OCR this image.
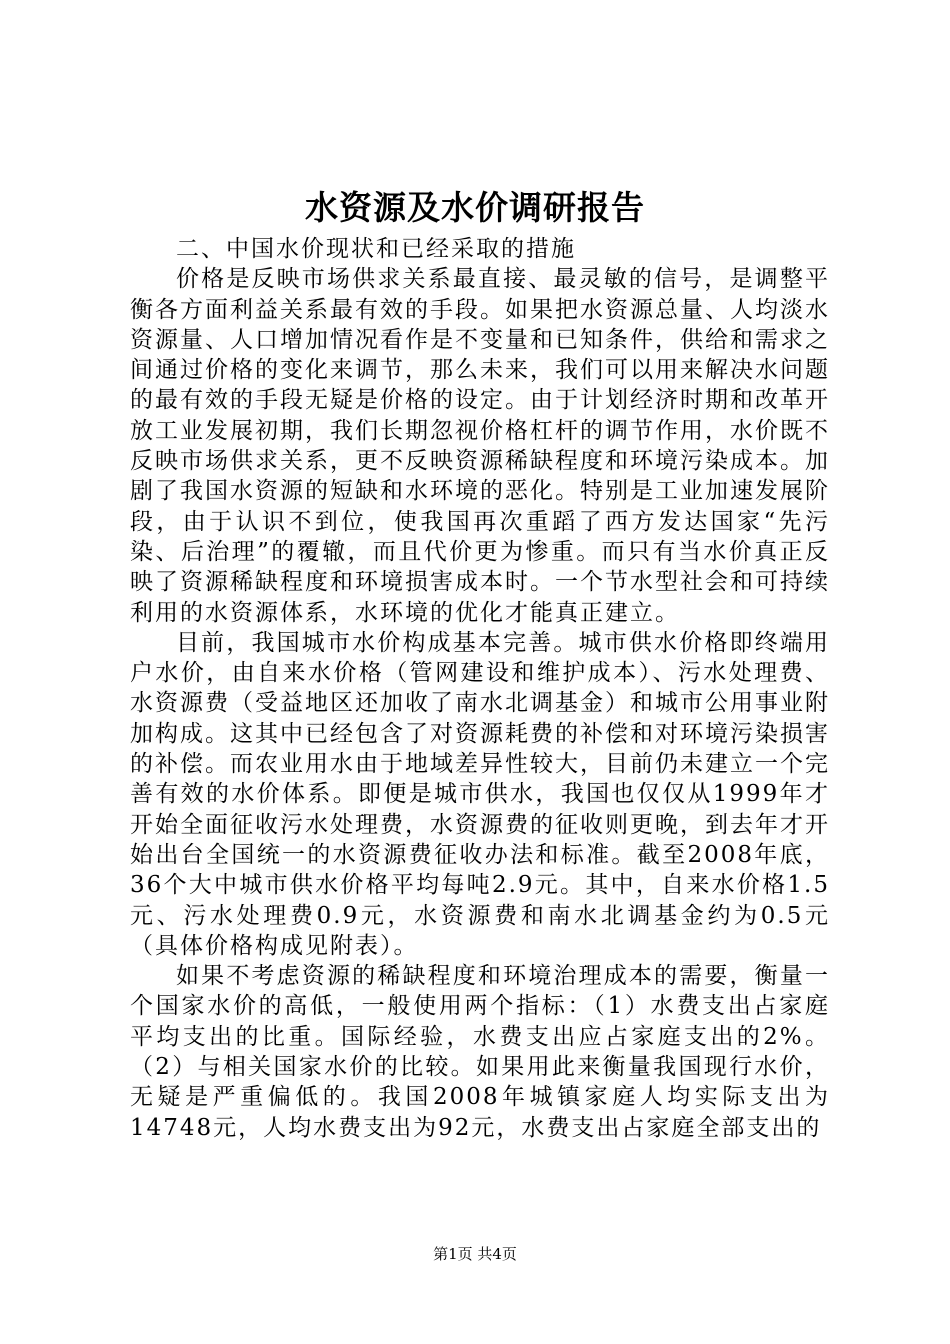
水资源及水价调研报告

二、中国水价现状和已经采取的措施

价格是反映市场供求关系最直接、最灵敏的信号，是调整平衡各方面利益关系最有效的手段。如果把水资源总量、人均淡水资源量、人口增加情况看作是不变量和已知条件，供给和需求之间通过价格的变化来调节，那么未来，我们可以用来解决水问题的最有效的手段无疑是价格的设定。由于计划经济时期和改革开放工业发展初期，我们长期忽视价格杠杆的调节作用，水价既不反映市场供求关系，更不反映资源稀缺程度和环境污染成本。加剧了我国水资源的短缺和水环境的恶化。特别是工业加速发展阶段，由于认识不到位，使我国再次重蹈了西方发达国家“先污染、后治理”的覆辙，而且代价更为惨重。而只有当水价真正反映了资源稀缺程度和环境损害成本时。一个节水型社会和可持续利用的水资源体系，水环境的优化才能真正建立。

目前，我国城市水价构成基本完善。城市供水价格即终端用户水价，由自来水价格（管网建设和维护成本）、污水处理费、水资源费（受益地区还加收了南水北调基金）和城市公用事业附加构成。这其中已经包含了对资源耗费的补偿和对环境污染损害的补偿。而农业用水由于地域差异性较大，目前仍未建立一个完善有效的水价体系。即便是城市供水，我国也仅仅从1999年才开始全面征收污水处理费，水资源费的征收则更晚，到去年才开始出台全国统一的水资源费征收办法和标准。截至2008年底，36个大中城市供水价格平均每吨2.9元。其中，自来水价格1.5元、污水处理费0.9元，水资源费和南水北调基金约为0.5元（具体价格构成见附表）。

如果不考虑资源的稀缺程度和环境治理成本的需要，衡量一个国家水价的高低，一般使用两个指标：（1）水费支出占家庭平均支出的比重。国际经验，水费支出应占家庭支出的2%。（2）与相关国家水价的比较。如果用此来衡量我国现行水价，无疑是严重偏低的。我国2008年城镇家庭人均实际支出为14748元，人均水费支出为92元，水费支出占家庭全部支出的

第1页 共4页
